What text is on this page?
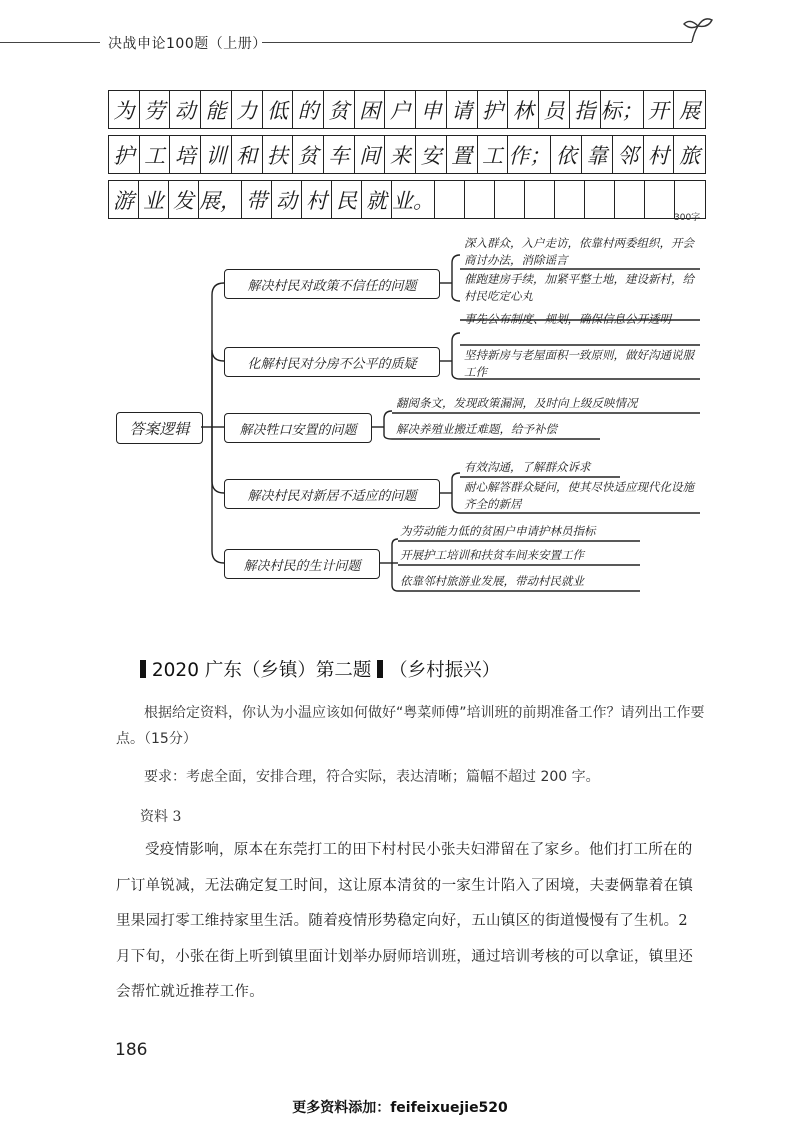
决战申论100题（上册）
为 劳 动 能 力 低 的 贫 困 户 申 请 护 林 员 指 标； 开 展
护 工 培 训 和 扶 贫 车 间 来 安 置 工 作； 依 靠 邻 村 旅
游 业 发 展， 带 动 村 民 就 业。
300字
答案逻辑
解决村民对政策不信任的问题
化解村民对分房不公平的质疑
解决牲口安置的问题
解决村民对新居不适应的问题
解决村民的生计问题
深入群众，入户走访，依靠村两委组织，开会商讨办法，消除谣言
催跑建房手续，加紧平整土地，建设新村，给村民吃定心丸
事先公布制度、规划，确保信息公开透明
坚持新房与老屋面积一致原则，做好沟通说服工作
翻阅条文，发现政策漏洞，及时向上级反映情况
解决养殖业搬迁难题，给予补偿
有效沟通，了解群众诉求
耐心解答群众疑问，使其尽快适应现代化设施齐全的新居
为劳动能力低的贫困户申请护林员指标
开展护工培训和扶贫车间来安置工作
依靠邻村旅游业发展，带动村民就业
2020 广东（乡镇）第二题 （乡村振兴）
根据给定资料，你认为小温应该如何做好“粤菜师傅”培训班的前期准备工作？请列出工作要点。（15分）
要求：考虑全面，安排合理，符合实际，表达清晰；篇幅不超过 200 字。
资料 3
受疫情影响，原本在东莞打工的田下村村民小张夫妇滞留在了家乡。他们打工所在的厂订单锐减，无法确定复工时间，这让原本清贫的一家生计陷入了困境，夫妻俩靠着在镇里果园打零工维持家里生活。随着疫情形势稳定向好，五山镇区的街道慢慢有了生机。2 月下旬，小张在街上听到镇里面计划举办厨师培训班，通过培训考核的可以拿证，镇里还会帮忙就近推荐工作。
186
更多资料添加：feifeixuejie520
